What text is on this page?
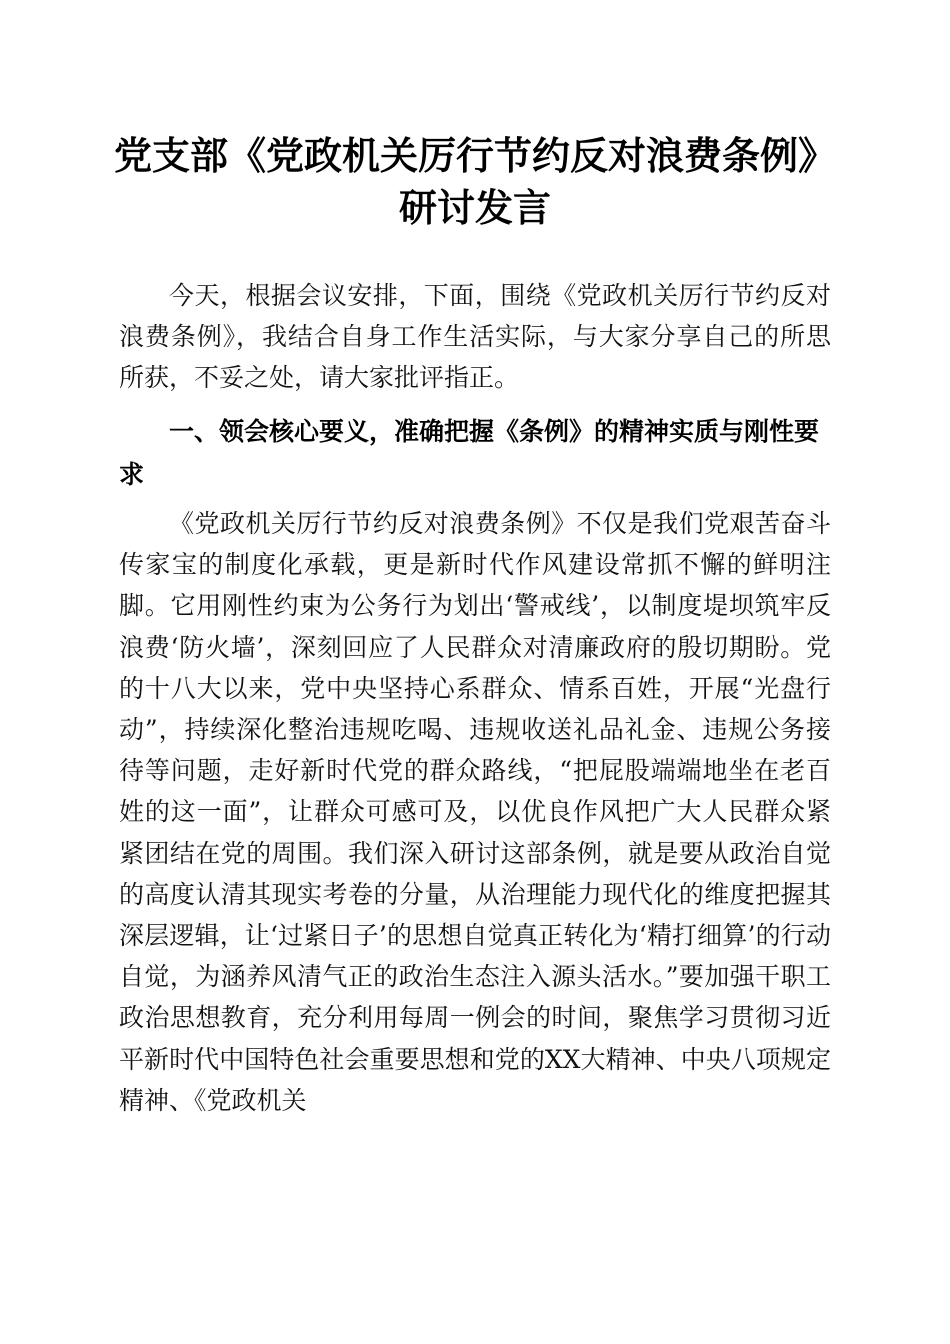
党支部《党政机关厉行节约反对浪费条例》研讨发言

今天，根据会议安排，下面，围绕《党政机关厉行节约反对浪费条例》，我结合自身工作生活实际，与大家分享自己的所思所获，不妥之处，请大家批评指正。

一、领会核心要义，准确把握《条例》的精神实质与刚性要求

《党政机关厉行节约反对浪费条例》不仅是我们党艰苦奋斗传家宝的制度化承载，更是新时代作风建设常抓不懈的鲜明注脚。它用刚性约束为公务行为划出‘警戒线’，以制度堤坝筑牢反浪费‘防火墙’，深刻回应了人民群众对清廉政府的殷切期盼。党的十八大以来，党中央坚持心系群众、情系百姓，开展“光盘行动”，持续深化整治违规吃喝、违规收送礼品礼金、违规公务接待等问题，走好新时代党的群众路线，“把屁股端端地坐在老百姓的这一面”，让群众可感可及，以优良作风把广大人民群众紧紧团结在党的周围。我们深入研讨这部条例，就是要从政治自觉的高度认清其现实考卷的分量，从治理能力现代化的维度把握其深层逻辑，让‘过紧日子’的思想自觉真正转化为‘精打细算’的行动自觉，为涵养风清气正的政治生态注入源头活水。”要加强干职工政治思想教育，充分利用每周一例会的时间，聚焦学习贯彻习近平新时代中国特色社会重要思想和党的XX大精神、中央八项规定精神、《党政机关
